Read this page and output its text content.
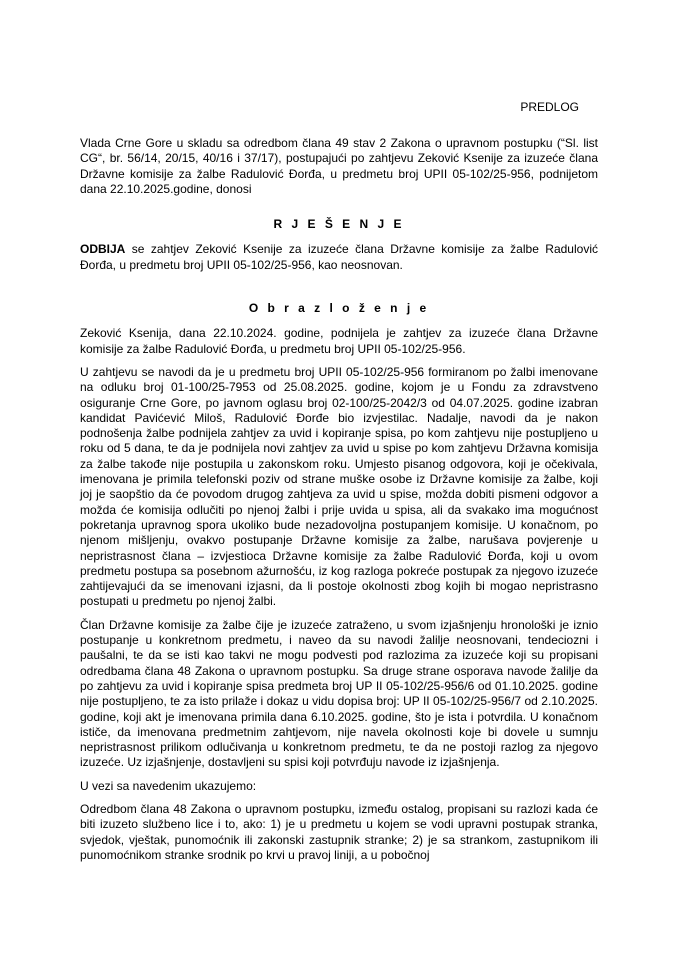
PREDLOG

Vlada Crne Gore u skladu sa odredbom člana 49 stav 2 Zakona o upravnom postupku (“Sl. list CG“, br. 56/14, 20/15, 40/16 i 37/17), postupajući po zahtjevu Zeković Ksenije za izuzeće člana Državne komisije za žalbe Radulović Đorđa, u predmetu broj UPII 05-102/25-956, podnijetom dana 22.10.2025.godine, donosi

R J E Š E N J E

ODBIJA se zahtjev Zeković Ksenije za izuzeće člana Državne komisije za žalbe Radulović Đorđa, u predmetu broj UPII 05-102/25-956, kao neosnovan.

O b r a z l o ž e n j e

Zeković Ksenija, dana 22.10.2024. godine, podnijela je zahtjev za izuzeće člana Državne komisije za žalbe Radulović Đorđa, u predmetu broj UPII 05-102/25-956.

U zahtjevu se navodi da je u predmetu broj UPII 05-102/25-956 formiranom po žalbi imenovane na odluku broj 01-100/25-7953 od 25.08.2025. godine, kojom je u Fondu za zdravstveno osiguranje Crne Gore, po javnom oglasu broj 02-100/25-2042/3 od 04.07.2025. godine izabran kandidat Pavićević Miloš, Radulović Đorđe bio izvjestilac. Nadalje, navodi da je nakon podnošenja žalbe podnijela zahtjev za uvid i kopiranje spisa, po kom zahtjevu nije postupljeno u roku od 5 dana, te da je podnijela novi zahtjev za uvid u spise po kom zahtjevu Državna komisija za žalbe takođe nije postupila u zakonskom roku. Umjesto pisanog odgovora, koji je očekivala, imenovana je primila telefonski poziv od strane muške osobe iz Državne komisije za žalbe, koji joj je saopštio da će povodom drugog zahtjeva za uvid u spise, možda dobiti pismeni odgovor a možda će komisija odlučiti po njenoj žalbi i prije uvida u spisa, ali da svakako ima mogućnost pokretanja upravnog spora ukoliko bude nezadovoljna postupanjem komisije. U konačnom, po njenom mišljenju, ovakvo postupanje Državne komisije za žalbe, narušava povjerenje u nepristrasnost člana – izvjestioca Državne komisije za žalbe Radulović Đorđa, koji u ovom predmetu postupa sa posebnom ažurnošću, iz kog razloga pokreće postupak za njegovo izuzeće zahtijevajući da se imenovani izjasni, da li postoje okolnosti zbog kojih bi mogao nepristrasno postupati u predmetu po njenoj žalbi.

Član Državne komisije za žalbe čije je izuzeće zatraženo, u svom izjašnjenju hronološki je iznio postupanje u konkretnom predmetu, i naveo da su navodi žalilje neosnovani, tendeciozni i paušalni, te da se isti kao takvi ne mogu podvesti pod razlozima za izuzeće koji su propisani odredbama člana 48 Zakona o upravnom postupku. Sa druge strane osporava navode žalilje da po zahtjevu za uvid i kopiranje spisa predmeta broj UP II 05-102/25-956/6 od 01.10.2025. godine nije postupljeno, te za isto prilaže i dokaz u vidu dopisa broj: UP II 05-102/25-956/7 od 2.10.2025. godine, koji akt je imenovana primila dana 6.10.2025. godine, što je ista i potvrdila. U konačnom ističe, da imenovana predmetnim zahtjevom, nije navela okolnosti koje bi dovele u sumnju nepristrasnost prilikom odlučivanja u konkretnom predmetu, te da ne postoji razlog za njegovo izuzeće. Uz izjašnjenje, dostavljeni su spisi koji potvrđuju navode iz izjašnjenja.

U vezi sa navedenim ukazujemo:

Odredbom člana 48 Zakona o upravnom postupku, između ostalog, propisani su razlozi kada će biti izuzeto službeno lice i to, ako: 1) je u predmetu u kojem se vodi upravni postupak stranka, svjedok, vještak, punomoćnik ili zakonski zastupnik stranke; 2) je sa strankom, zastupnikom ili punomoćnikom stranke srodnik po krvi u pravoj liniji, a u pobočnoj
